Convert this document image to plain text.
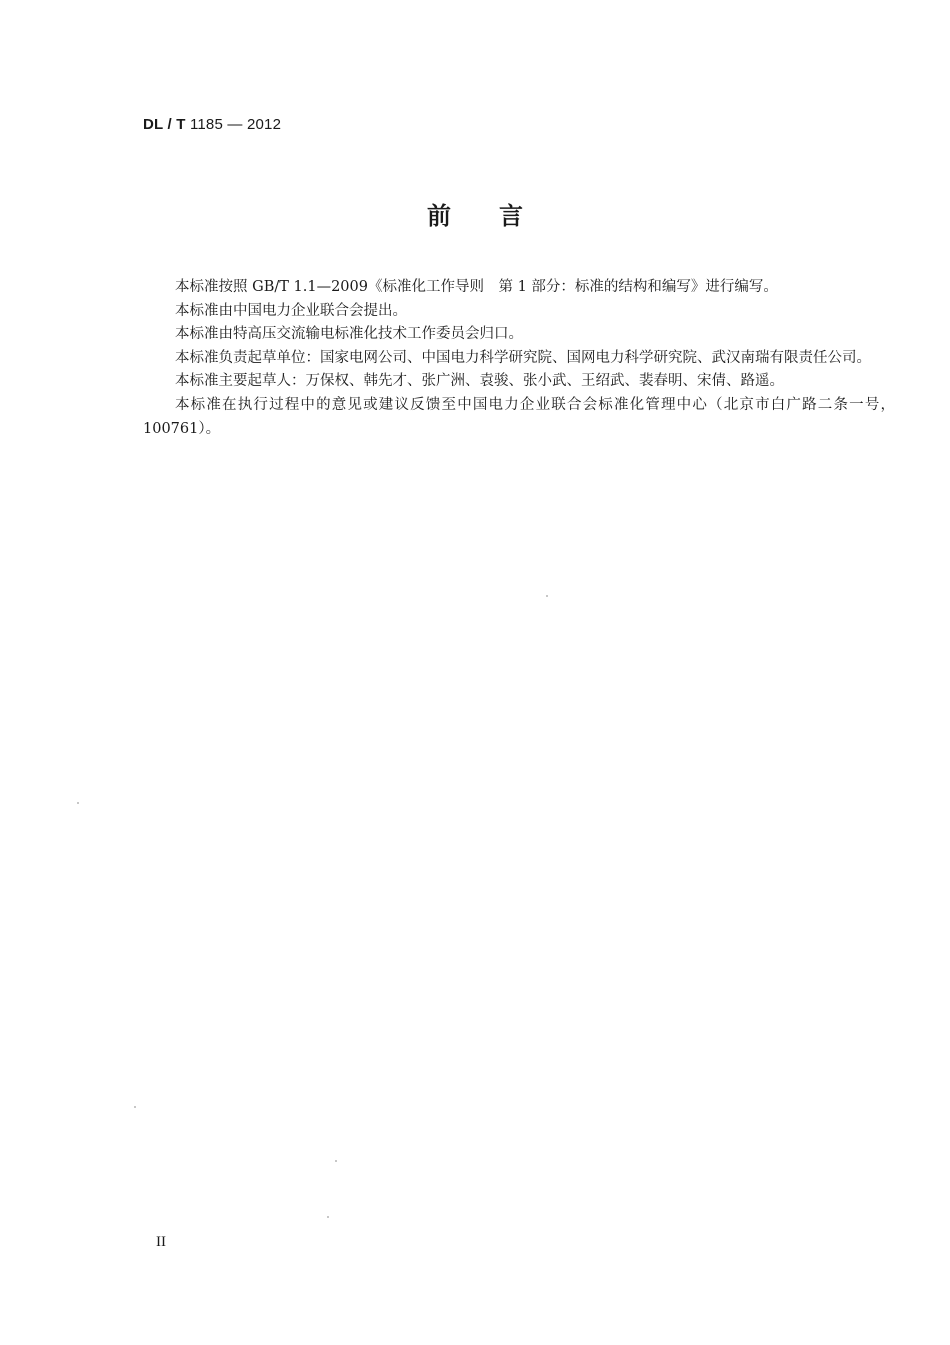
DL / T 1185 — 2012
前　　言

本标准按照 GB/T 1.1—2009《标准化工作导则　第 1 部分：标准的结构和编写》进行编写。

本标准由中国电力企业联合会提出。

本标准由特高压交流输电标准化技术工作委员会归口。

本标准负责起草单位：国家电网公司、中国电力科学研究院、国网电力科学研究院、武汉南瑞有限责任公司。

本标准主要起草人：万保权、韩先才、张广洲、袁骏、张小武、王绍武、裴春明、宋倩、路遥。

本标准在执行过程中的意见或建议反馈至中国电力企业联合会标准化管理中心（北京市白广路二条一号，100761）。

II
